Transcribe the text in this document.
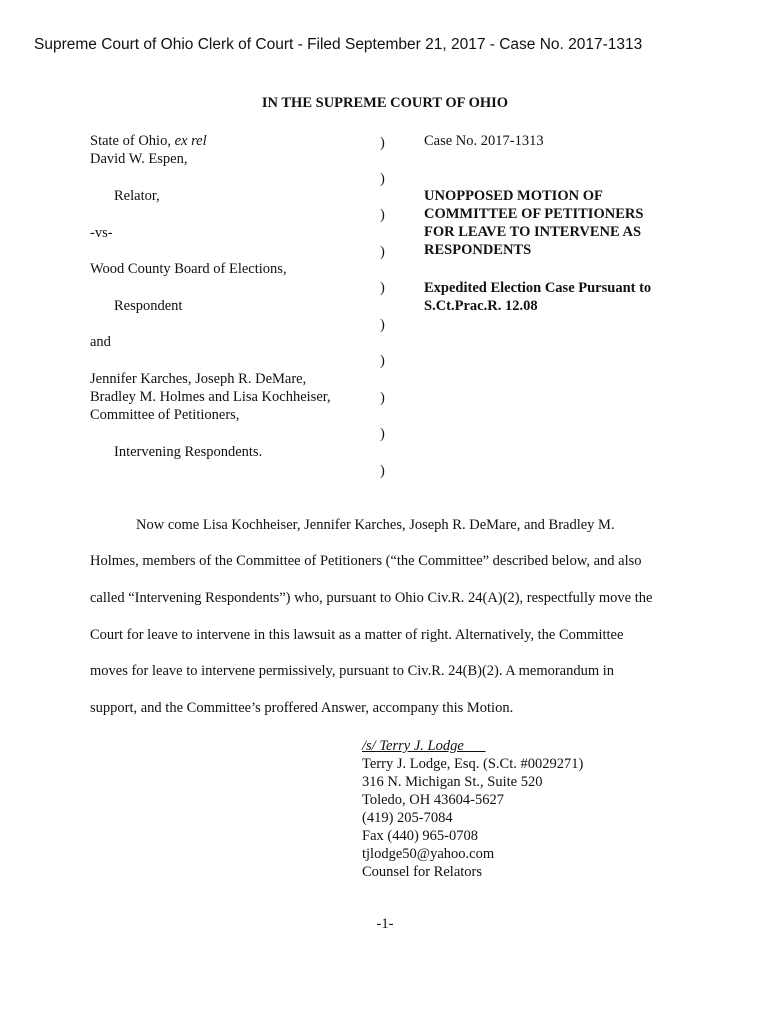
Supreme Court of Ohio Clerk of Court - Filed September 21, 2017 - Case No. 2017-1313
IN THE SUPREME COURT OF OHIO
State of Ohio, ex rel
David W. Espen,
Relator,
-vs-
Wood County Board of Elections,
Respondent
and
Jennifer Karches, Joseph R. DeMare,
Bradley M. Holmes and Lisa Kochheiser,
Committee of Petitioners,
Intervening Respondents.
)
)
)
)
)
)
)
)
)
)
Case No. 2017-1313
UNOPPOSED MOTION OF
COMMITTEE OF PETITIONERS
FOR LEAVE TO INTERVENE AS
RESPONDENTS
Expedited Election Case Pursuant to
S.Ct.Prac.R. 12.08
Now come Lisa Kochheiser, Jennifer Karches, Joseph R. DeMare, and Bradley M.
Holmes, members of the Committee of Petitioners (“the Committee” described below, and also
called “Intervening Respondents”) who, pursuant to Ohio Civ.R. 24(A)(2), respectfully move the
Court for leave to intervene in this lawsuit as a matter of right. Alternatively, the Committee
moves for leave to intervene permissively, pursuant to Civ.R. 24(B)(2). A memorandum in
support, and the Committee’s proffered Answer, accompany this Motion.
/s/ Terry J. Lodge
Terry J. Lodge, Esq. (S.Ct. #0029271)
316 N. Michigan St., Suite 520
Toledo, OH 43604-5627
(419) 205-7084
Fax (440) 965-0708
tjlodge50@yahoo.com
Counsel for Relators
-1-
